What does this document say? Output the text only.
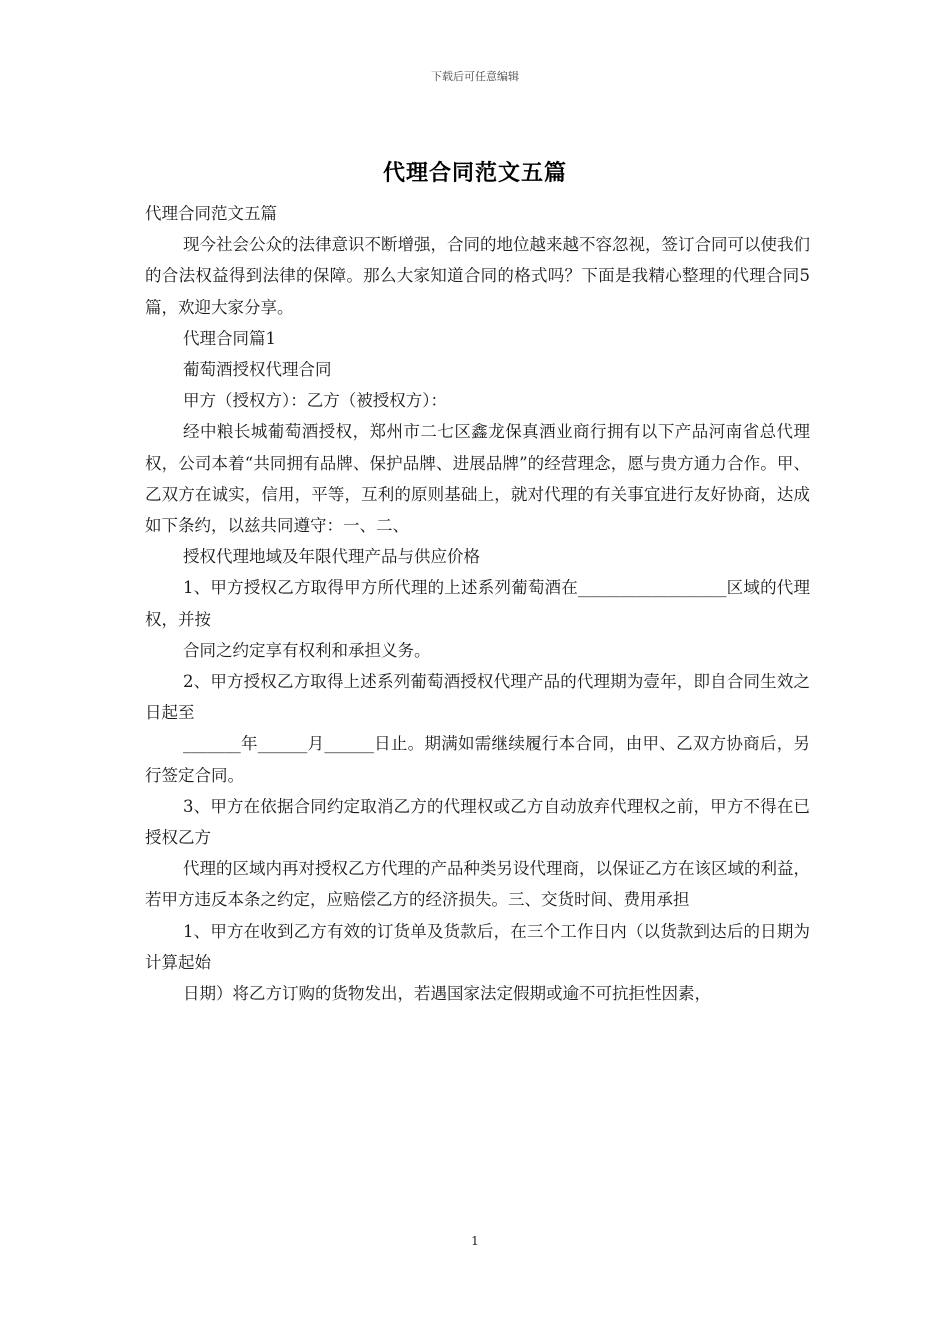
下载后可任意编辑
代理合同范文五篇

代理合同范文五篇

现今社会公众的法律意识不断增强，合同的地位越来越不容忽视，签订合同可以使我们的合法权益得到法律的保障。那么大家知道合同的格式吗？下面是我精心整理的代理合同5篇，欢迎大家分享。

代理合同篇1

葡萄酒授权代理合同

甲方（授权方）：乙方（被授权方）：

经中粮长城葡萄酒授权，郑州市二七区鑫龙保真酒业商行拥有以下产品河南省总代理权，公司本着“共同拥有品牌、保护品牌、进展品牌”的经营理念，愿与贵方通力合作。甲、乙双方在诚实，信用，平等，互利的原则基础上，就对代理的有关事宜进行友好协商，达成如下条约，以兹共同遵守：一、二、

授权代理地域及年限代理产品与供应价格

1、甲方授权乙方取得甲方所代理的上述系列葡萄酒在__________________区域的代理权，并按

合同之约定享有权利和承担义务。

2、甲方授权乙方取得上述系列葡萄酒授权代理产品的代理期为壹年，即自合同生效之日起至

_______年______月______日止。期满如需继续履行本合同，由甲、乙双方协商后，另行签定合同。

3、甲方在依据合同约定取消乙方的代理权或乙方自动放弃代理权之前，甲方不得在已授权乙方

代理的区域内再对授权乙方代理的产品种类另设代理商，以保证乙方在该区域的利益，若甲方违反本条之约定，应赔偿乙方的经济损失。三、交货时间、费用承担

1、甲方在收到乙方有效的订货单及货款后，在三个工作日内（以货款到达后的日期为计算起始

日期）将乙方订购的货物发出，若遇国家法定假期或逾不可抗拒性因素，

1
